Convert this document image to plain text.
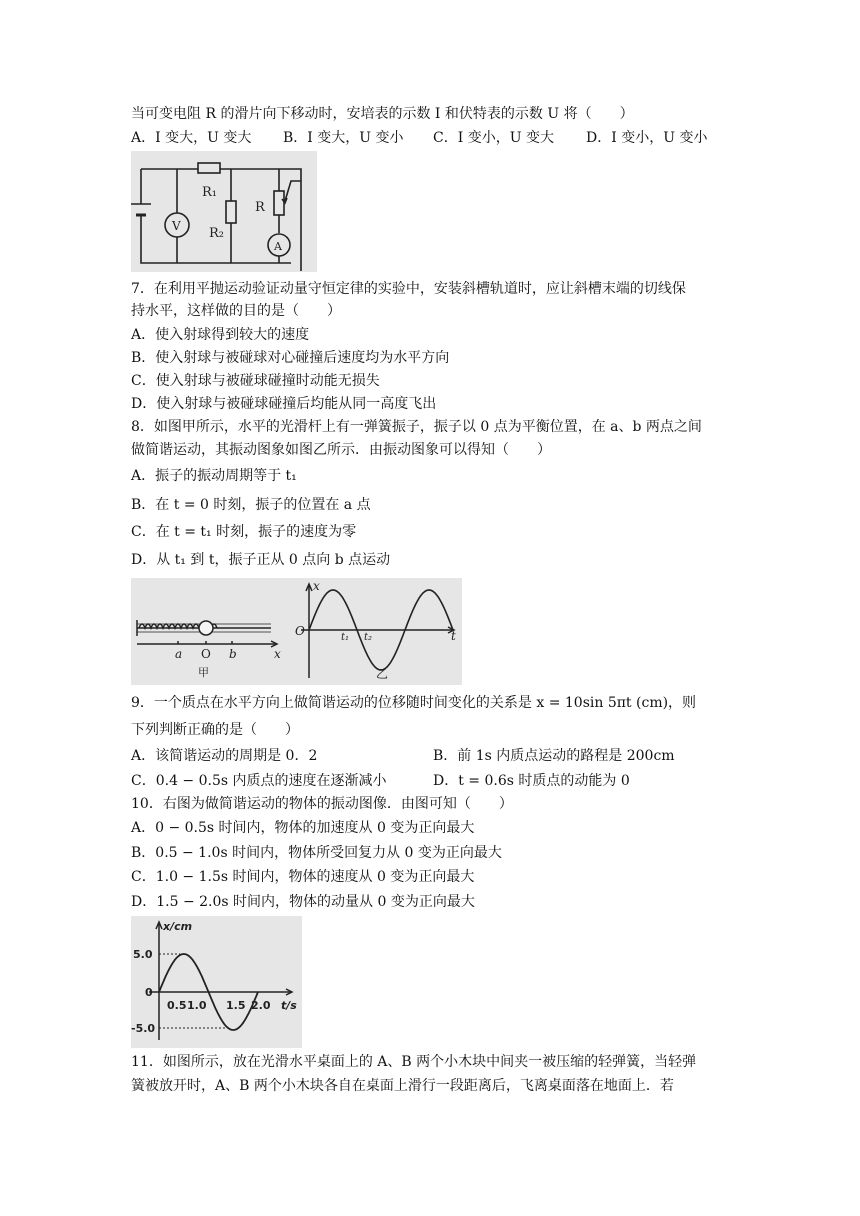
当可变电阻 R 的滑片向下移动时，安培表的示数 I 和伏特表的示数 U 将（　　）
A．I 变大，U 变大 B．I 变大，U 变小 C．I 变小，U 变大 D．I 变小，U 变小
R₁
R₂
R
V
A
7．在利用平抛运动验证动量守恒定律的实验中，安装斜槽轨道时，应让斜槽末端的切线保
持水平，这样做的目的是（　　）
A．使入射球得到较大的速度
B．使入射球与被碰球对心碰撞后速度均为水平方向
C．使入射球与被碰球碰撞时动能无损失
D．使入射球与被碰球碰撞后均能从同一高度飞出
8．如图甲所示，水平的光滑杆上有一弹簧振子，振子以 0 点为平衡位置，在 a、b 两点之间
做简谐运动，其振动图象如图乙所示．由振动图象可以得知（　　）
A．振子的振动周期等于 t₁
B．在 t = 0 时刻，振子的位置在 a 点
C．在 t = t₁ 时刻，振子的速度为零
D．从 t₁ 到 t，振子正从 0 点向 b 点运动
a O b	x
甲
x
O	t₁ t₂	t
乙
9．一个质点在水平方向上做简谐运动的位移随时间变化的关系是 x = 10sin 5πt (cm)，则
下列判断正确的是（　　）
A．该简谐运动的周期是 0．2	B．前 1s 内质点运动的路程是 200cm
C．0.4 − 0.5s 内质点的速度在逐渐减小	D．t = 0.6s 时质点的动能为 0
10．右图为做简谐运动的物体的振动图像．由图可知（　　）
A．0 − 0.5s 时间内，物体的加速度从 0 变为正向最大
B．0.5 − 1.0s 时间内，物体所受回复力从 0 变为正向最大
C．1.0 − 1.5s 时间内，物体的速度从 0 变为正向最大
D．1.5 − 2.0s 时间内，物体的动量从 0 变为正向最大
x/cm
5.0
0
-5.0
0.5 1.0 1.5 2.0 t/s
11．如图所示，放在光滑水平桌面上的 A、B 两个小木块中间夹一被压缩的轻弹簧，当轻弹
簧被放开时，A、B 两个小木块各自在桌面上滑行一段距离后，飞离桌面落在地面上．若
